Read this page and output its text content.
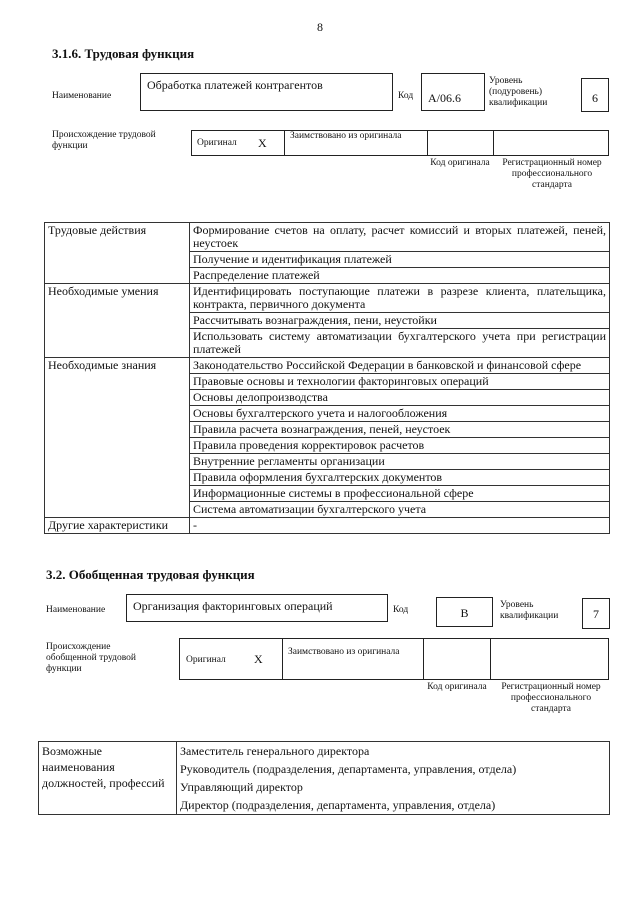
8
3.1.6. Трудовая функция
Наименование
Обработка платежей контрагентов
Код	A/06.6
Уровень (подуровень) квалификации	6
Происхождение трудовой функции	Оригинал X Заимствовано из оригинала
Код оригинала	Регистрационный номер профессионального стандарта
Трудовые действия	Формирование счетов на оплату, расчет комиссий и вторых платежей, пеней, неустоек
	Получение и идентификация платежей
	Распределение платежей
Необходимые умения	Идентифицировать поступающие платежи в разрезе клиента, плательщика, контракта, первичного документа
	Рассчитывать вознаграждения, пени, неустойки
	Использовать систему автоматизации бухгалтерского учета при регистрации платежей
Необходимые знания	Законодательство Российской Федерации в банковской и финансовой сфере
	Правовые основы и технологии факторинговых операций
	Основы делопроизводства
	Основы бухгалтерского учета и налогообложения
	Правила расчета вознаграждения, пеней, неустоек
	Правила проведения корректировок расчетов
	Внутренние регламенты организации
	Правила оформления бухгалтерских документов
	Информационные системы в профессиональной сфере
	Система автоматизации бухгалтерского учета
Другие характеристики	-
3.2. Обобщенная трудовая функция
Наименование	Организация факторинговых операций	Код	B
Уровень квалификации	7
Происхождение обобщенной трудовой функции
Оригинал X	Заимствовано из оригинала
Код оригинала	Регистрационный номер профессионального стандарта
Возможные наименования должностей, профессий	Заместитель генерального директора
Руководитель (подразделения, департамента, управления, отдела)
Управляющий директор
Директор (подразделения, департамента, управления, отдела)
